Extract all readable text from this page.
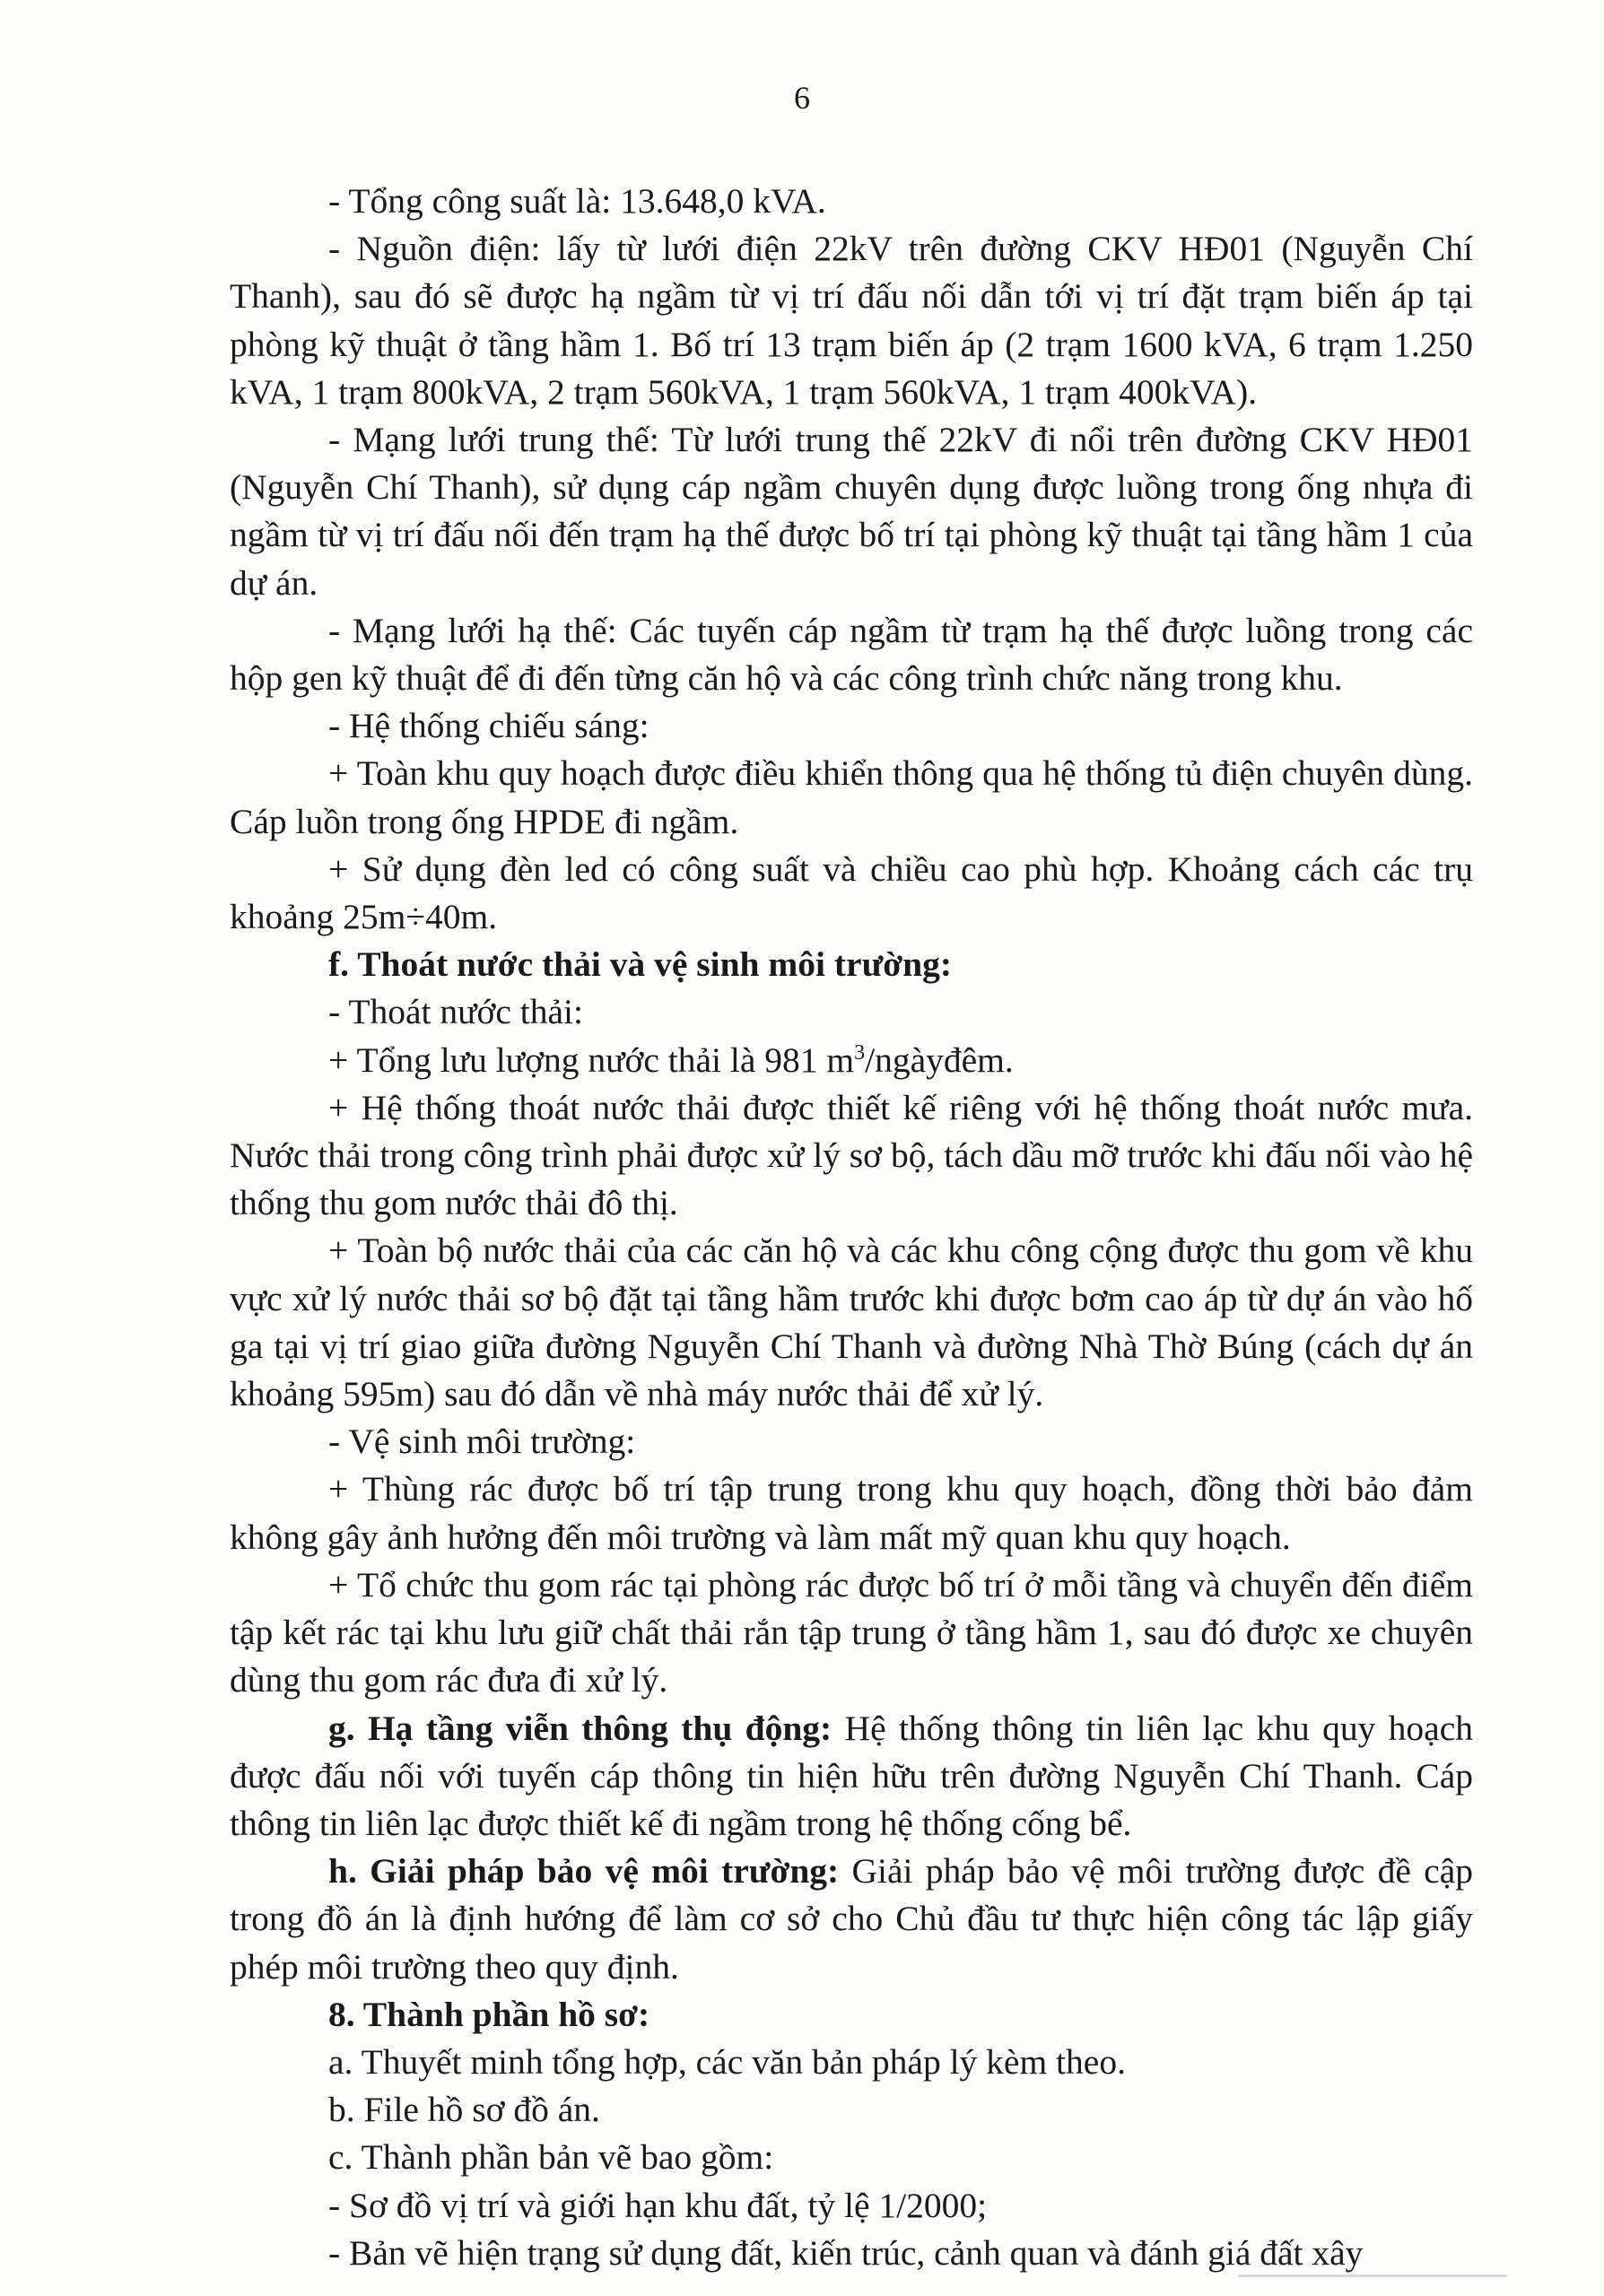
6

- Tổng công suất là: 13.648,0 kVA.

- Nguồn điện: lấy từ lưới điện 22kV trên đường CKV HĐ01 (Nguyễn Chí Thanh), sau đó sẽ được hạ ngầm từ vị trí đấu nối dẫn tới vị trí đặt trạm biến áp tại phòng kỹ thuật ở tầng hầm 1. Bố trí 13 trạm biến áp (2 trạm 1600 kVA, 6 trạm 1.250 kVA, 1 trạm 800kVA, 2 trạm 560kVA, 1 trạm 560kVA, 1 trạm 400kVA).

- Mạng lưới trung thế: Từ lưới trung thế 22kV đi nổi trên đường CKV HĐ01 (Nguyễn Chí Thanh), sử dụng cáp ngầm chuyên dụng được luồng trong ống nhựa đi ngầm từ vị trí đấu nối đến trạm hạ thế được bố trí tại phòng kỹ thuật tại tầng hầm 1 của dự án.

- Mạng lưới hạ thế: Các tuyến cáp ngầm từ trạm hạ thế được luồng trong các hộp gen kỹ thuật để đi đến từng căn hộ và các công trình chức năng trong khu.

- Hệ thống chiếu sáng:

+ Toàn khu quy hoạch được điều khiển thông qua hệ thống tủ điện chuyên dùng. Cáp luồn trong ống HPDE đi ngầm.

+ Sử dụng đèn led có công suất và chiều cao phù hợp. Khoảng cách các trụ khoảng 25m÷40m.

f. Thoát nước thải và vệ sinh môi trường:

- Thoát nước thải:

+ Tổng lưu lượng nước thải là 981 $m^3$/ngàyđêm.

+ Hệ thống thoát nước thải được thiết kế riêng với hệ thống thoát nước mưa. Nước thải trong công trình phải được xử lý sơ bộ, tách dầu mỡ trước khi đấu nối vào hệ thống thu gom nước thải đô thị.

+ Toàn bộ nước thải của các căn hộ và các khu công cộng được thu gom về khu vực xử lý nước thải sơ bộ đặt tại tầng hầm trước khi được bơm cao áp từ dự án vào hố ga tại vị trí giao giữa đường Nguyễn Chí Thanh và đường Nhà Thờ Búng (cách dự án khoảng 595m) sau đó dẫn về nhà máy nước thải để xử lý.

- Vệ sinh môi trường:

+ Thùng rác được bố trí tập trung trong khu quy hoạch, đồng thời bảo đảm không gây ảnh hưởng đến môi trường và làm mất mỹ quan khu quy hoạch.

+ Tổ chức thu gom rác tại phòng rác được bố trí ở mỗi tầng và chuyển đến điểm tập kết rác tại khu lưu giữ chất thải rắn tập trung ở tầng hầm 1, sau đó được xe chuyên dùng thu gom rác đưa đi xử lý.

g. Hạ tầng viễn thông thụ động: Hệ thống thông tin liên lạc khu quy hoạch được đấu nối với tuyến cáp thông tin hiện hữu trên đường Nguyễn Chí Thanh. Cáp thông tin liên lạc được thiết kế đi ngầm trong hệ thống cống bể.

h. Giải pháp bảo vệ môi trường: Giải pháp bảo vệ môi trường được đề cập trong đồ án là định hướng để làm cơ sở cho Chủ đầu tư thực hiện công tác lập giấy phép môi trường theo quy định.

8. Thành phần hồ sơ:

a. Thuyết minh tổng hợp, các văn bản pháp lý kèm theo.

b. File hồ sơ đồ án.

c. Thành phần bản vẽ bao gồm:

- Sơ đồ vị trí và giới hạn khu đất, tỷ lệ 1/2000;

- Bản vẽ hiện trạng sử dụng đất, kiến trúc, cảnh quan và đánh giá đất xây
